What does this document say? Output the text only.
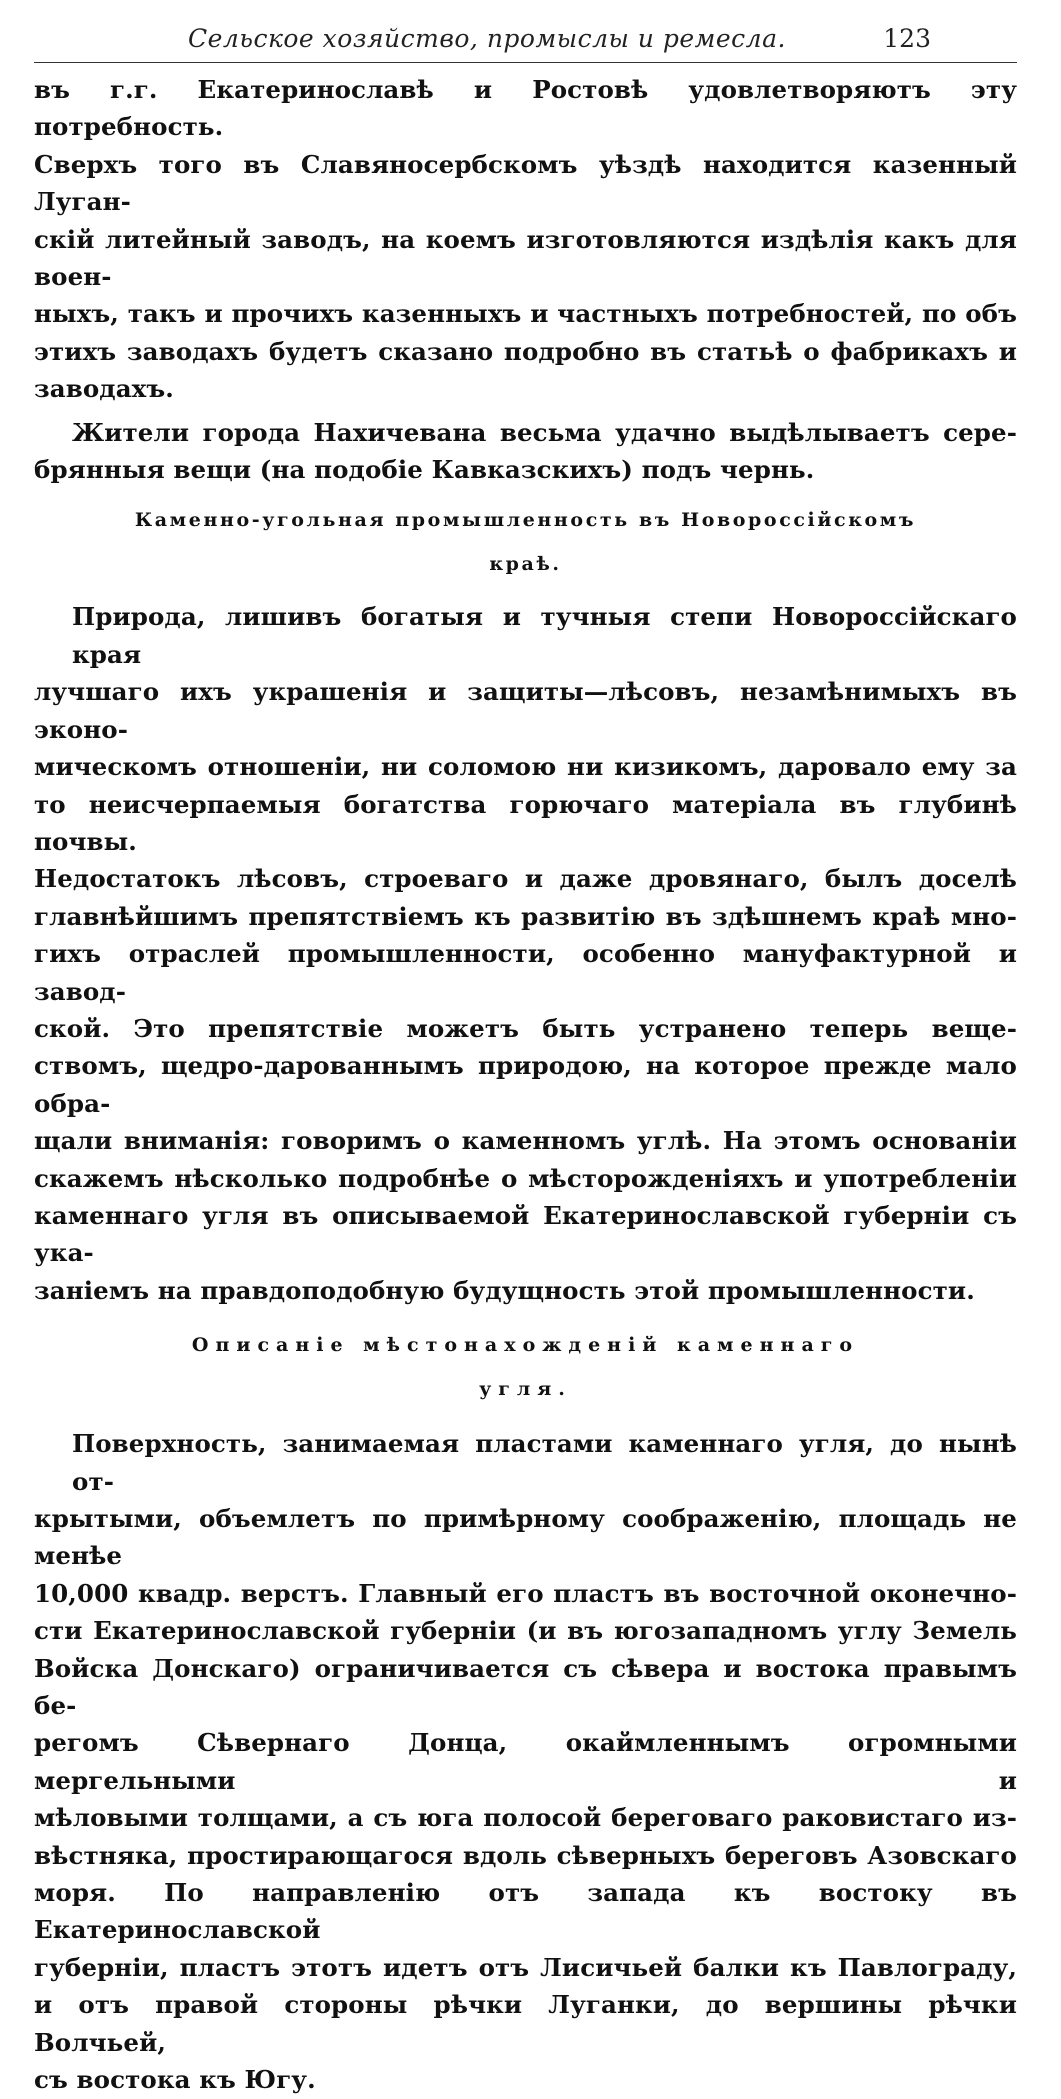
Сельское хозяйство, промыслы и ремесла.	123

въ г.г. Екатеринославѣ и Ростовѣ удовлетворяютъ эту потребность.
Сверхъ того въ Славяносербскомъ уѣздѣ находится казенный Луган-
скій литейный заводъ, на коемъ изготовляются издѣлія какъ для воен-
ныхъ, такъ и прочихъ казенныхъ и частныхъ потребностей, по объ
этихъ заводахъ будетъ сказано подробно въ статьѣ о фабрикахъ и
заводахъ.

Жители города Нахичевана весьма удачно выдѣлываетъ сере-

брянныя вещи (на подобіе Кавказскихъ) подъ чернь.

Каменно-угольная промышленность въ Новороссійскомъ

краѣ.

Природа, лишивъ богатыя и тучныя степи Новороссійскаго края

лучшаго ихъ украшенія и защиты—лѣсовъ, незамѣнимыхъ въ эконо-
мическомъ отношеніи, ни соломою ни кизикомъ, даровало ему за
то неисчерпаемыя богатства горючаго матеріала въ глубинѣ почвы.
Недостатокъ лѣсовъ, строеваго и даже дровянаго, былъ доселѣ
главнѣйшимъ препятствіемъ къ развитію въ здѣшнемъ краѣ мно-
гихъ отраслей промышленности, особенно мануфактурной и завод-
ской. Это препятствіе можетъ быть устранено теперь веще-
ствомъ, щедро-дарованнымъ природою, на которое прежде мало обра-
щали вниманія: говоримъ о каменномъ углѣ. На этомъ основаніи
скажемъ нѣсколько подробнѣе о мѣсторожденіяхъ и употребленіи
каменнаго угля въ описываемой Екатеринославской губерніи съ ука-
заніемъ на правдоподобную будущность этой промышленности.

Описаніе мѣстонахожденій каменнаго

угля.

Поверхность, занимаемая пластами каменнаго угля, до нынѣ от-

крытыми, объемлетъ по примѣрному соображенію, площадь не менѣе
10,000 квадр. верстъ. Главный его пластъ въ восточной оконечно-
сти Екатеринославской губерніи (и въ югозападномъ углу Земель
Войска Донскаго) ограничивается съ сѣвера и востока правымъ бе-
регомъ Сѣвернаго Донца, окаймленнымъ огромными мергельными и
мѣловыми толщами, а съ юга полосой береговаго раковистаго из-
вѣстняка, простирающагося вдоль сѣверныхъ береговъ Азовскаго
моря. По направленію отъ запада къ востоку въ Екатеринославской
губерніи, пластъ этотъ идетъ отъ Лисичьей балки къ Павлограду,
и отъ правой стороны рѣчки Луганки, до вершины рѣчки Волчьей,
съ востока къ Югу.
